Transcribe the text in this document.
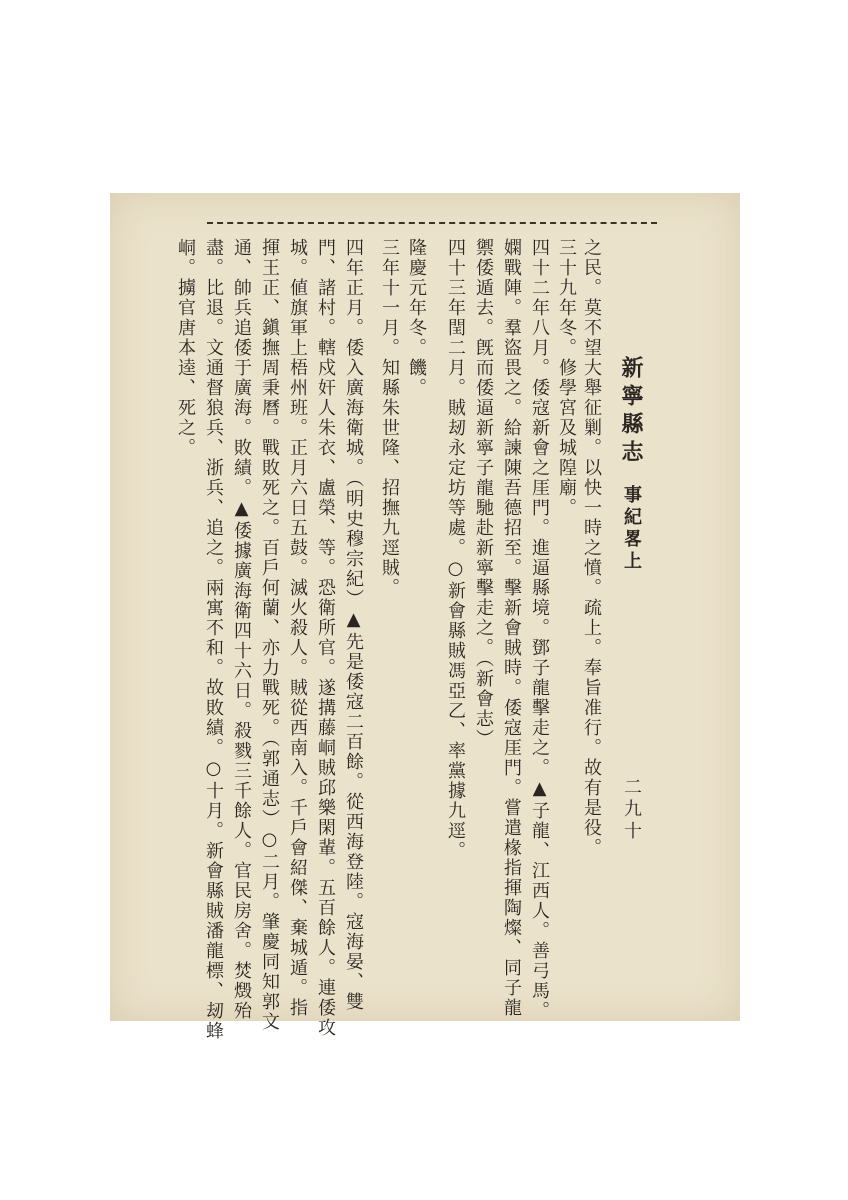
新寧縣志
事紀畧上
二九十
之民。莫不望大舉征剿。以快一時之憤。疏上。奉旨准行。故有是役。
三十九年冬。修學宮及城隍廟。
四十二年八月。倭寇新會之厓門。進逼縣境。鄧子龍擊走之。▲子龍、江西人。善弓馬。
嫻戰陣。羣盜畏之。給諫陳吾德招至。擊新會賊時。倭寇厓門。嘗遣椽指揮陶燦、同子龍
禦倭遁去。旣而倭逼新寧子龍馳赴新寧擊走之。（新會志）
四十三年閏二月。賊刼永定坊等處。○新會縣賊馮亞乙、率黨據九逕。
隆慶元年冬。饑。
三年十一月。知縣朱世隆、招撫九逕賊。
四年正月。倭入廣海衛城。（明史穆宗紀）▲先是倭寇二百餘。從西海登陸。寇海晏、雙
門、諸村。轄戍奸人朱衣、盧榮、等。恐衛所官。遂搆藤峒賊邱樂閑輩。五百餘人。連倭攻
城。値旗軍上梧州班。正月六日五鼓。滅火殺人。賊從西南入。千戶會紹傑、棄城遁。指
揮王正、鎭撫周秉曆。戰敗死之。百戶何蘭、亦力戰死。（郭通志）○二月。肇慶同知郭文
通、帥兵追倭于廣海。敗績。▲倭據廣海衛四十六日。殺戮三千餘人。官民房舍。焚燬殆
盡。比退。文通督狼兵、浙兵、追之。兩寓不和。故敗績。○十月。新會縣賊潘龍標、刼蜂
峒。擄官唐本逵、死之。
